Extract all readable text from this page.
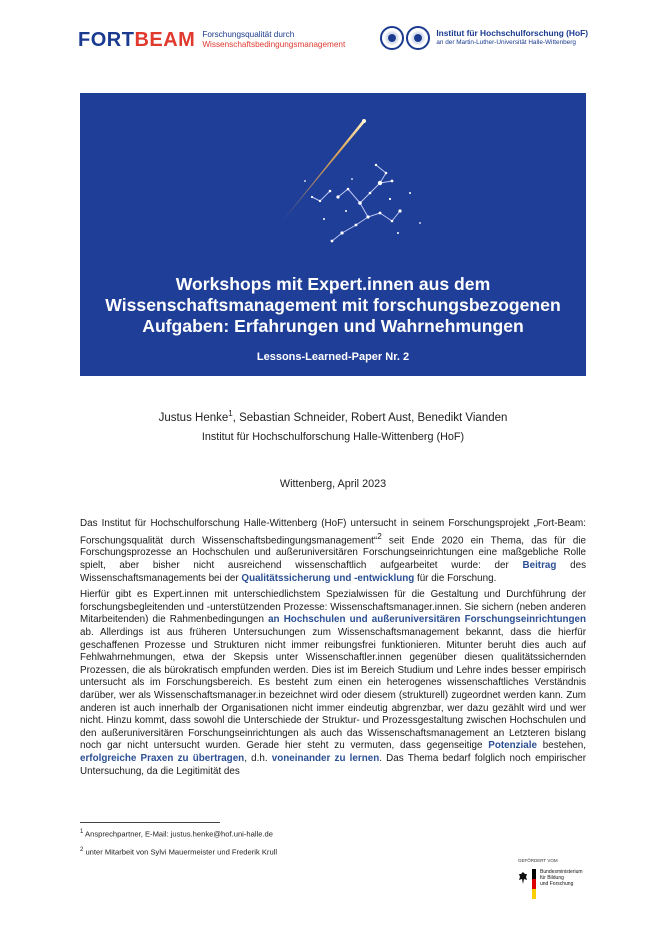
FORTBEAM Forschungsqualität durch
Wissenschaftsbedingungsmanagement
Institut für Hochschulforschung (HoF)
an der Martin-Luther-Universität Halle-Wittenberg
Workshops mit Expert.innen aus dem
Wissenschaftsmanagement mit forschungsbezogenen
Aufgaben: Erfahrungen und Wahrnehmungen
Lessons-Learned-Paper Nr. 2
Justus Henke$^1$, Sebastian Schneider, Robert Aust, Benedikt Vianden
Institut für Hochschulforschung Halle-Wittenberg (HoF)
Wittenberg, April 2023

Das Institut für Hochschulforschung Halle-Wittenberg (HoF) untersucht in seinem Forschungsprojekt „Fort-Beam: Forschungsqualität durch Wissenschaftsbedingungsmanagement“$^2$ seit Ende 2020 ein Thema, das für die Forschungsprozesse an Hochschulen und außeruniversitären Forschungseinrichtungen eine maßgebliche Rolle spielt, aber bisher nicht ausreichend wissenschaftlich aufgearbeitet wurde: der Beitrag des Wissenschaftsmanagements bei der Qualitätssicherung und -entwicklung für die Forschung.

Hierfür gibt es Expert.innen mit unterschiedlichstem Spezialwissen für die Gestaltung und Durchführung der forschungsbegleitenden und -unterstützenden Prozesse: Wissenschaftsmanager.innen. Sie sichern (neben anderen Mitarbeitenden) die Rahmenbedingungen an Hochschulen und außeruniversitären Forschungseinrichtungen ab. Allerdings ist aus früheren Untersuchungen zum Wissenschaftsmanagement bekannt, dass die hierfür geschaffenen Prozesse und Strukturen nicht immer reibungsfrei funktionieren. Mitunter beruht dies auch auf Fehlwahrnehmungen, etwa der Skepsis unter Wissenschaftler.innen gegenüber diesen qualitätssichernden Prozessen, die als bürokratisch empfunden werden. Dies ist im Bereich Studium und Lehre indes besser empirisch untersucht als im Forschungsbereich. Es besteht zum einen ein heterogenes wissenschaftliches Verständnis darüber, wer als Wissenschaftsmanager.in bezeichnet wird oder diesem (strukturell) zugeordnet werden kann. Zum anderen ist auch innerhalb der Organisationen nicht immer eindeutig abgrenzbar, wer dazu gezählt wird und wer nicht. Hinzu kommt, dass sowohl die Unterschiede der Struktur- und Prozessgestaltung zwischen Hochschulen und den außeruniversitären Forschungseinrichtungen als auch das Wissenschaftsmanagement an Letzteren bislang noch gar nicht untersucht wurden. Gerade hier steht zu vermuten, dass gegenseitige Potenziale bestehen, erfolgreiche Praxen zu übertragen, d.h. voneinander zu lernen. Das Thema bedarf folglich noch empirischer Untersuchung, da die Legitimität des

$^1$ Ansprechpartner, E-Mail: justus.henke@hof.uni-halle.de
$^2$ unter Mitarbeit von Sylvi Mauermeister und Frederik Krull
GEFÖRDERT VOM
Bundesministerium
für Bildung
und Forschung
